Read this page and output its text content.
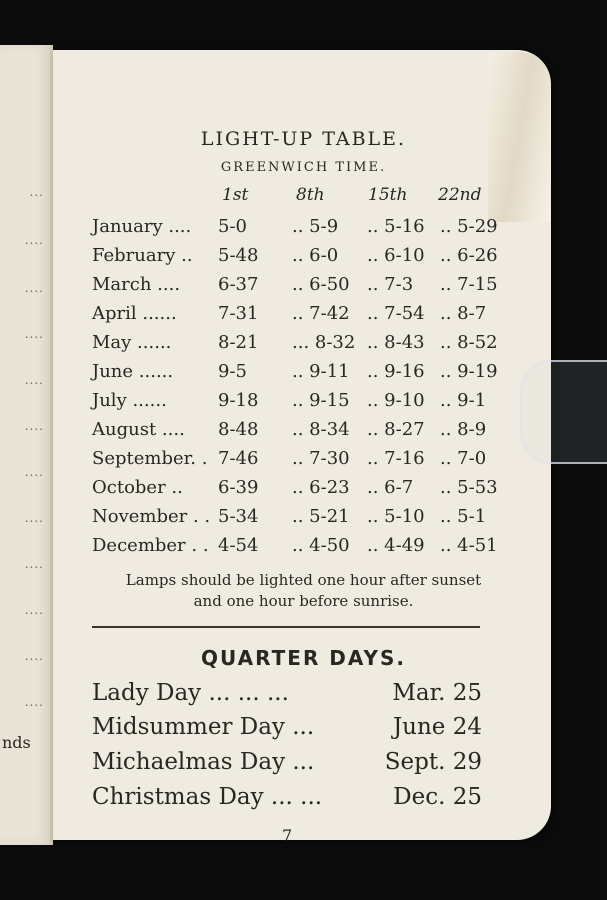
...
....
....
....
....
....
....
....
....
....
....
....
nds
LIGHT-UP TABLE.
GREENWICH TIME.
1st	8th	15th 22nd
January .... 5-0	.. 5-9 .. 5-16 .. 5-29
February .. 5-48 .. 6-0 .. 6-10 .. 6-26
March .... 6-37 .. 6-50 .. 7-3 .. 7-15
April ...... 7-31 .. 7-42 .. 7-54 .. 8-7
May ......	8-21 ... 8-32 .. 8-43 .. 8-52
June ...... 9-5	.. 9-11 .. 9-16 .. 9-19
July ......	9-18 .. 9-15 .. 9-10 .. 9-1
August .... 8-48 .. 8-34 .. 8-27 .. 8-9
September. . 7-46 .. 7-30 .. 7-16 .. 7-0
October .. 6-39 .. 6-23 .. 6-7 .. 5-53
November . . 5-34 .. 5-21 .. 5-10 .. 5-1
December . . 4-54 .. 4-50 .. 4-49 .. 4-51
Lamps should be lighted one hour after sunset
and one hour before sunrise.
QUARTER DAYS.
Lady Day ... ... ...	Mar. 25
Midsummer Day ...	June 24
Michaelmas Day ...	Sept. 29
Christmas Day ... ...	Dec. 25
7
